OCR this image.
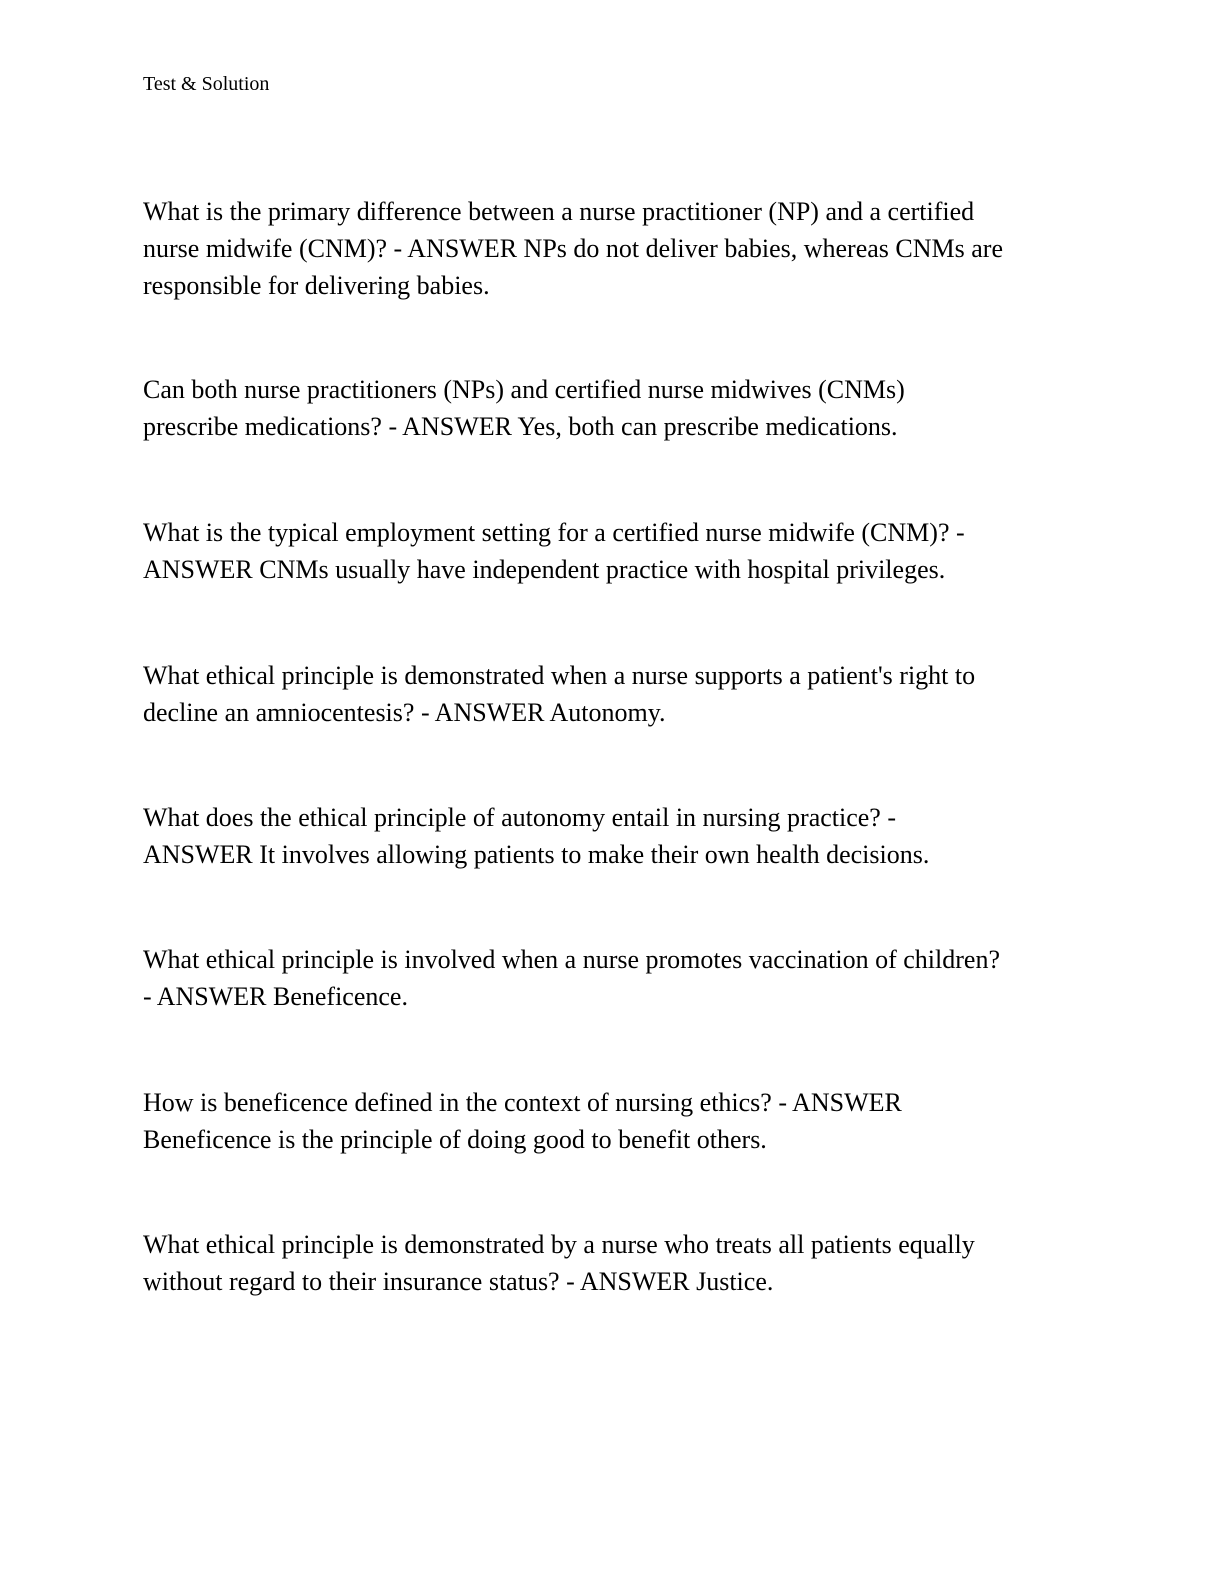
Test & Solution

What is the primary difference between a nurse practitioner (NP) and a certified
nurse midwife (CNM)? - ANSWER NPs do not deliver babies, whereas CNMs are
responsible for delivering babies.

Can both nurse practitioners (NPs) and certified nurse midwives (CNMs)
prescribe medications? - ANSWER Yes, both can prescribe medications.

What is the typical employment setting for a certified nurse midwife (CNM)? -
ANSWER CNMs usually have independent practice with hospital privileges.

What ethical principle is demonstrated when a nurse supports a patient's right to
decline an amniocentesis? - ANSWER Autonomy.

What does the ethical principle of autonomy entail in nursing practice? -
ANSWER It involves allowing patients to make their own health decisions.

What ethical principle is involved when a nurse promotes vaccination of children?
- ANSWER Beneficence.

How is beneficence defined in the context of nursing ethics? - ANSWER
Beneficence is the principle of doing good to benefit others.

What ethical principle is demonstrated by a nurse who treats all patients equally
without regard to their insurance status? - ANSWER Justice.
